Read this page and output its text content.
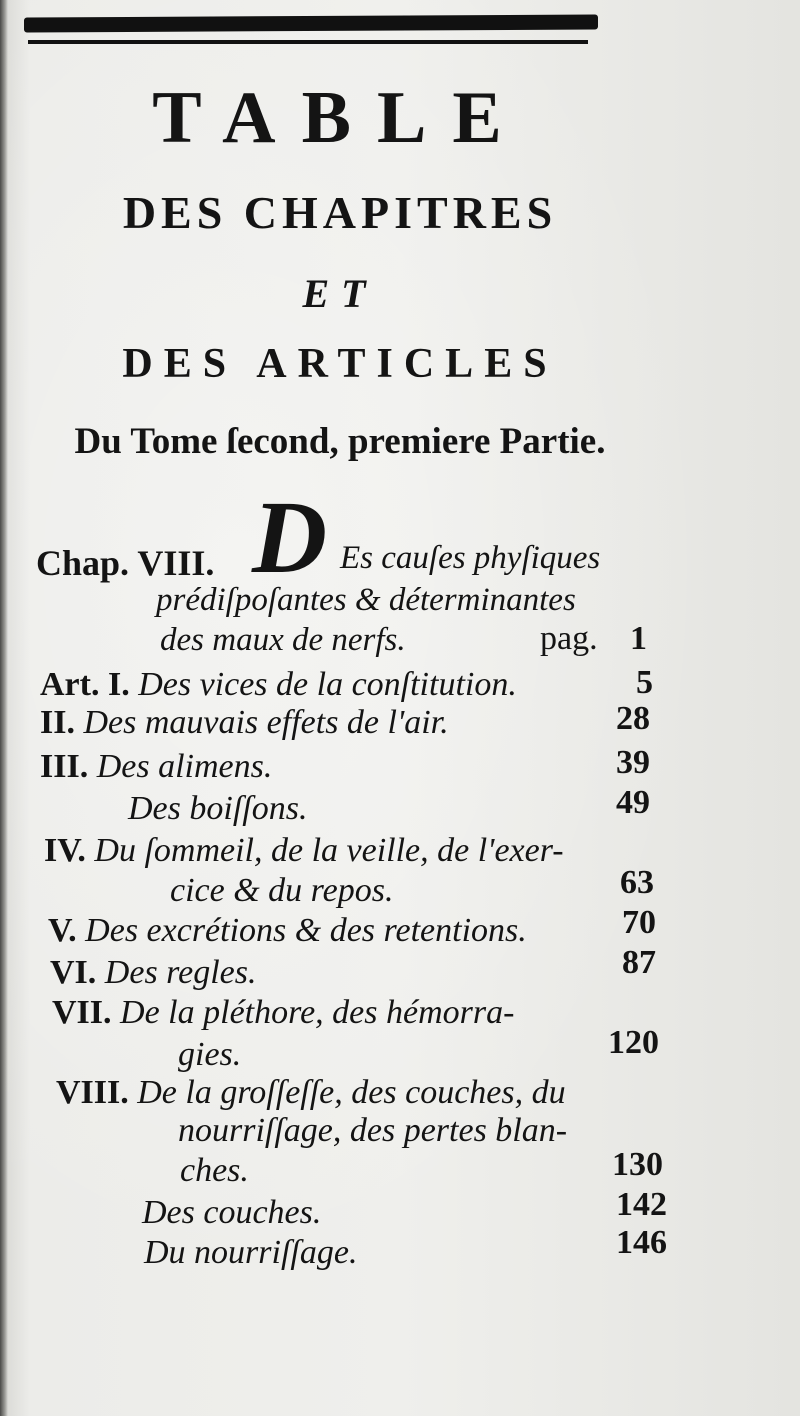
TABLE
DES CHAPITRES
ET
DES ARTICLES
Du Tome ſecond, premiere Partie.
Chap. VIII. D Es cauſes phyſiques
prédiſpoſantes & déterminantes
des maux de nerfs.	pag. 1
Art. I. Des vices de la conſtitution.	5
II. Des mauvais effets de l'air.	28
III. Des alimens.	39
Des boiſſons.	49
IV. Du ſommeil, de la veille, de l'exer-
cice & du repos.	63
V. Des excrétions & des retentions.	70
VI. Des regles.	87
VII. De la pléthore, des hémorra-
gies.	120
VIII. De la groſſeſſe, des couches, du
nourriſſage, des pertes blan-
ches.	130
Des couches.	142
Du nourriſſage.	146
